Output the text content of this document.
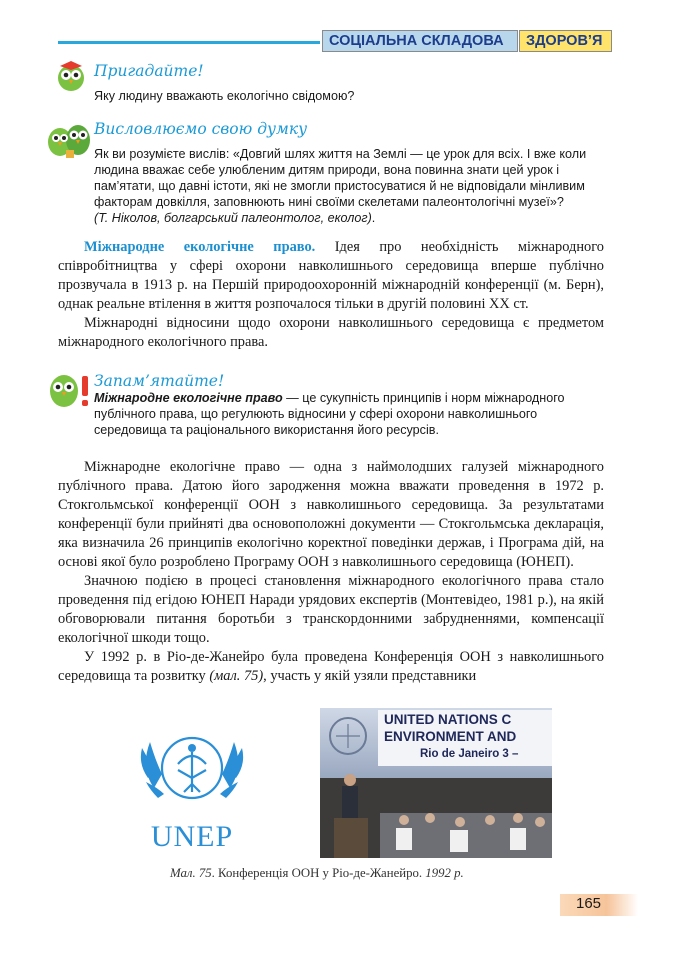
СОЦІАЛЬНА СКЛАДОВА	ЗДОРОВ’Я
Пригадайте!
Яку людину вважають екологічно свідомою?
Висловлюємо свою думку
Як ви розумієте вислів: «Довгий шлях життя на Землі — це урок для всіх. І вже коли
людина вважає себе улюбленим дитям природи, вона повинна знати цей урок і
пам’ятати, що давні істоти, які не змогли пристосуватися й не відповідали мінливим
факторам довкілля, заповнюють нині своїми скелетами палеонтологічні музеї»?
(Т. Ніколов, болгарський палеонтолог, еколог).

Міжнародне екологічне право. Ідея про необхідність міжнародного співробітництва у сфері охорони навколишнього середовища вперше публічно прозвучала в 1913 р. на Першій природоохоронній міжнародній конференції (м. Берн), однак реальне втілення в життя розпочалося тільки в другій половині XX ст.

Міжнародні відносини щодо охорони навколишнього середовища є предметом міжнародного екологічного права.

Запам’ятайте!
Міжнародне екологічне право — це сукупність принципів і норм міжнародного
публічного права, що регулюють відносини у сфері охорони навколишнього
середовища та раціонального використання його ресурсів.

Міжнародне екологічне право — одна з наймолодших галузей міжнародного публічного права. Датою його зародження можна вважати проведення в 1972 р. Стокгольмської конференції ООН з навколишнього середовища. За результатами конференції були прийняті два основоположні документи — Стокгольмська декларація, яка визначила 26 принципів екологічно коректної поведінки держав, і Програма дій, на основі якої було розроблено Програму ООН з навколишнього середовища (ЮНЕП).

Значною подією в процесі становлення міжнародного екологічного права стало проведення під егідою ЮНЕП Наради урядових експертів (Монтевідео, 1981 р.), на якій обговорювали питання боротьби з транскордонними забрудненнями, компенсації екологічної шкоди тощо.

У 1992 р. в Ріо-де-Жанейро була проведена Конференція ООН з навколишнього середовища та розвитку (мал. 75), участь у якій узяли представники

UNEP
UNITED NATIONS C
ENVIRONMENT AND
Rio de Janeiro 3 –
Мал. 75. Конференція ООН у Ріо-де-Жанейро. 1992 р.
165
